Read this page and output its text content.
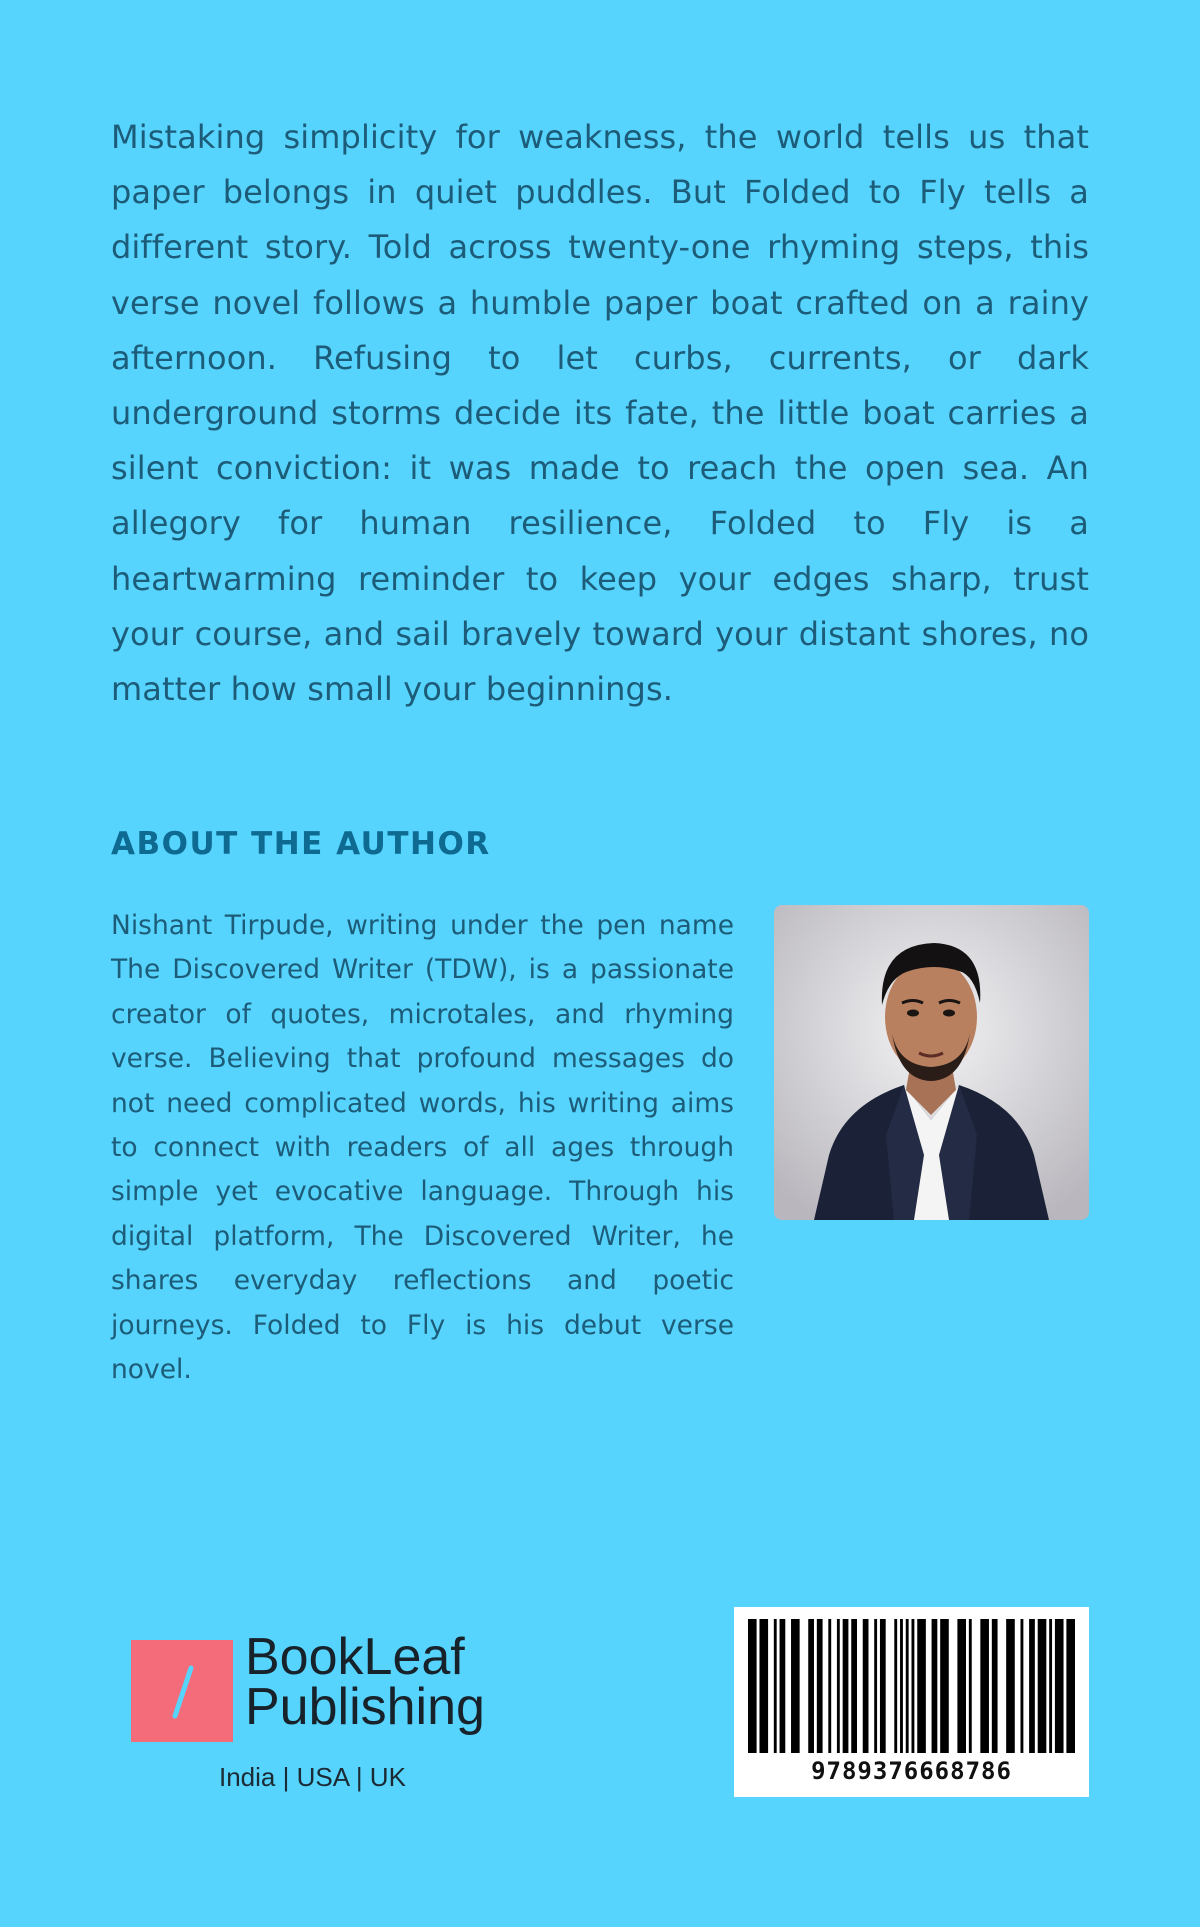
Mistaking simplicity for weakness, the world tells us that paper belongs in quiet puddles. But Folded to Fly tells a different story. Told across twenty-one rhyming steps, this verse novel follows a humble paper boat crafted on a rainy afternoon. Refusing to let curbs, currents, or dark underground storms decide its fate, the little boat carries a silent conviction: it was made to reach the open sea. An allegory for human resilience, Folded to Fly is a heartwarming reminder to keep your edges sharp, trust your course, and sail bravely toward your distant shores, no matter how small your beginnings.

ABOUT THE AUTHOR

Nishant Tirpude, writing under the pen name The Discovered Writer (TDW), is a passionate creator of quotes, microtales, and rhyming verse. Believing that profound messages do not need complicated words, his writing aims to connect with readers of all ages through simple yet evocative language. Through his digital platform, The Discovered Writer, he shares everyday reflections and poetic journeys. Folded to Fly is his debut verse novel.

BookLeaf
Publishing
India | USA | UK	9789376668786
